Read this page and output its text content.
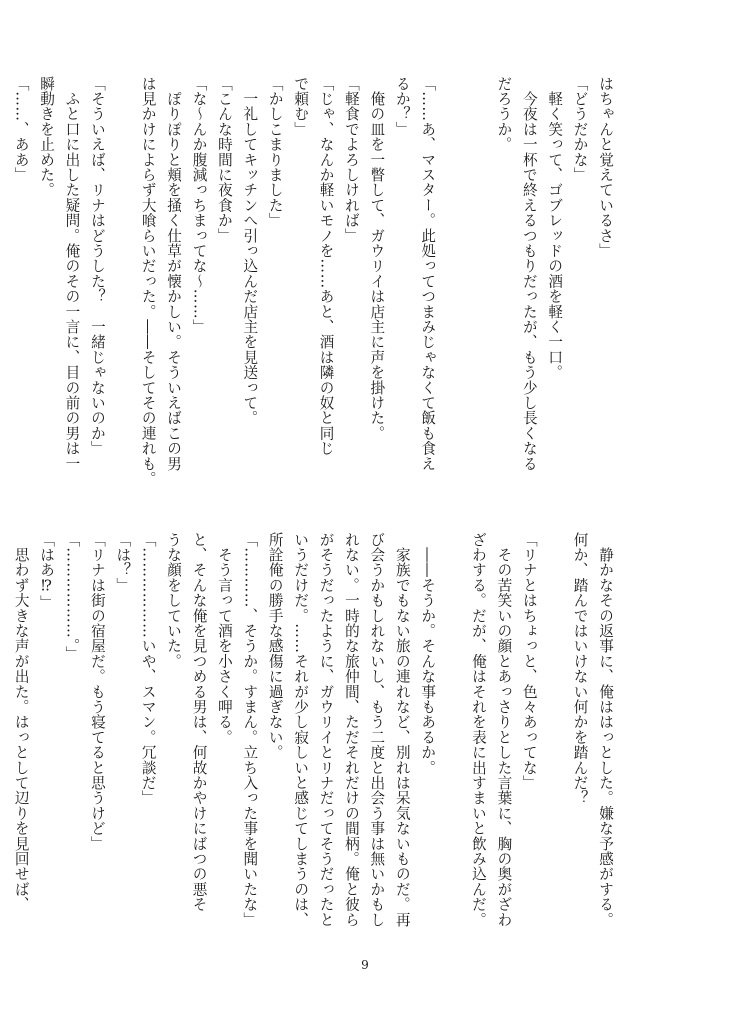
はちゃんと覚えているさ」
「どうだかな」
　軽く笑って、ゴブレッドの酒を軽く一口。
　今夜は一杯で終えるつもりだったが、もう少し長くなる
だろうか。

「……あ、マスター。此処ってつまみじゃなくて飯も食え
るか？」
　俺の皿を一瞥して、ガウリイは店主に声を掛けた。
「軽食でよろしければ」
「じゃ、なんか軽いモノを……あと、酒は隣の奴と同じ
で頼む」
「かしこまりました」
　一礼してキッチンへ引っ込んだ店主を見送って。
「こんな時間に夜食か」
「な～んか腹減っちまってな～……」
　ぽりぽりと頬を掻く仕草が懐かしい。そういえばこの男
は見かけによらず大喰らいだった。――そしてその連れも。

「そういえば、リナはどうした？　一緒じゃないのか」
　ふと口に出した疑問。俺のその一言に、目の前の男は一
瞬動きを止めた。
「……、ああ」
　静かなその返事に、俺ははっとした。嫌な予感がする。
何か、踏んではいけない何かを踏んだ？

「リナとはちょっと、色々あってな」
　その苦笑いの顔とあっさりとした言葉に、胸の奥がざわ
ざわする。だが、俺はそれを表に出すまいと飲み込んだ。

　――そうか。そんな事もあるか。
　家族でもない旅の連れなど、別れは呆気ないものだ。再
び会うかもしれないし、もう二度と出会う事は無いかもし
れない。一時的な旅仲間、ただそれだけの間柄。俺と彼ら
がそうだったように、ガウリイとリナだってそうだったと
いうだけだ。……それが少し寂しいと感じてしまうのは、
所詮俺の勝手な感傷に過ぎない。
「…………、そうか。すまん。立ち入った事を聞いたな」
　そう言って酒を小さく呷る。
と、そんな俺を見つめる男は、何故かやけにばつの悪そ
うな顔をしていた。
「………………いや、スマン。冗談だ」
「は？」
「リナは街の宿屋だ。もう寝てると思うけど」
「………………。」
「はあ⁉」
　思わず大きな声が出た。はっとして辺りを見回せば、
9
